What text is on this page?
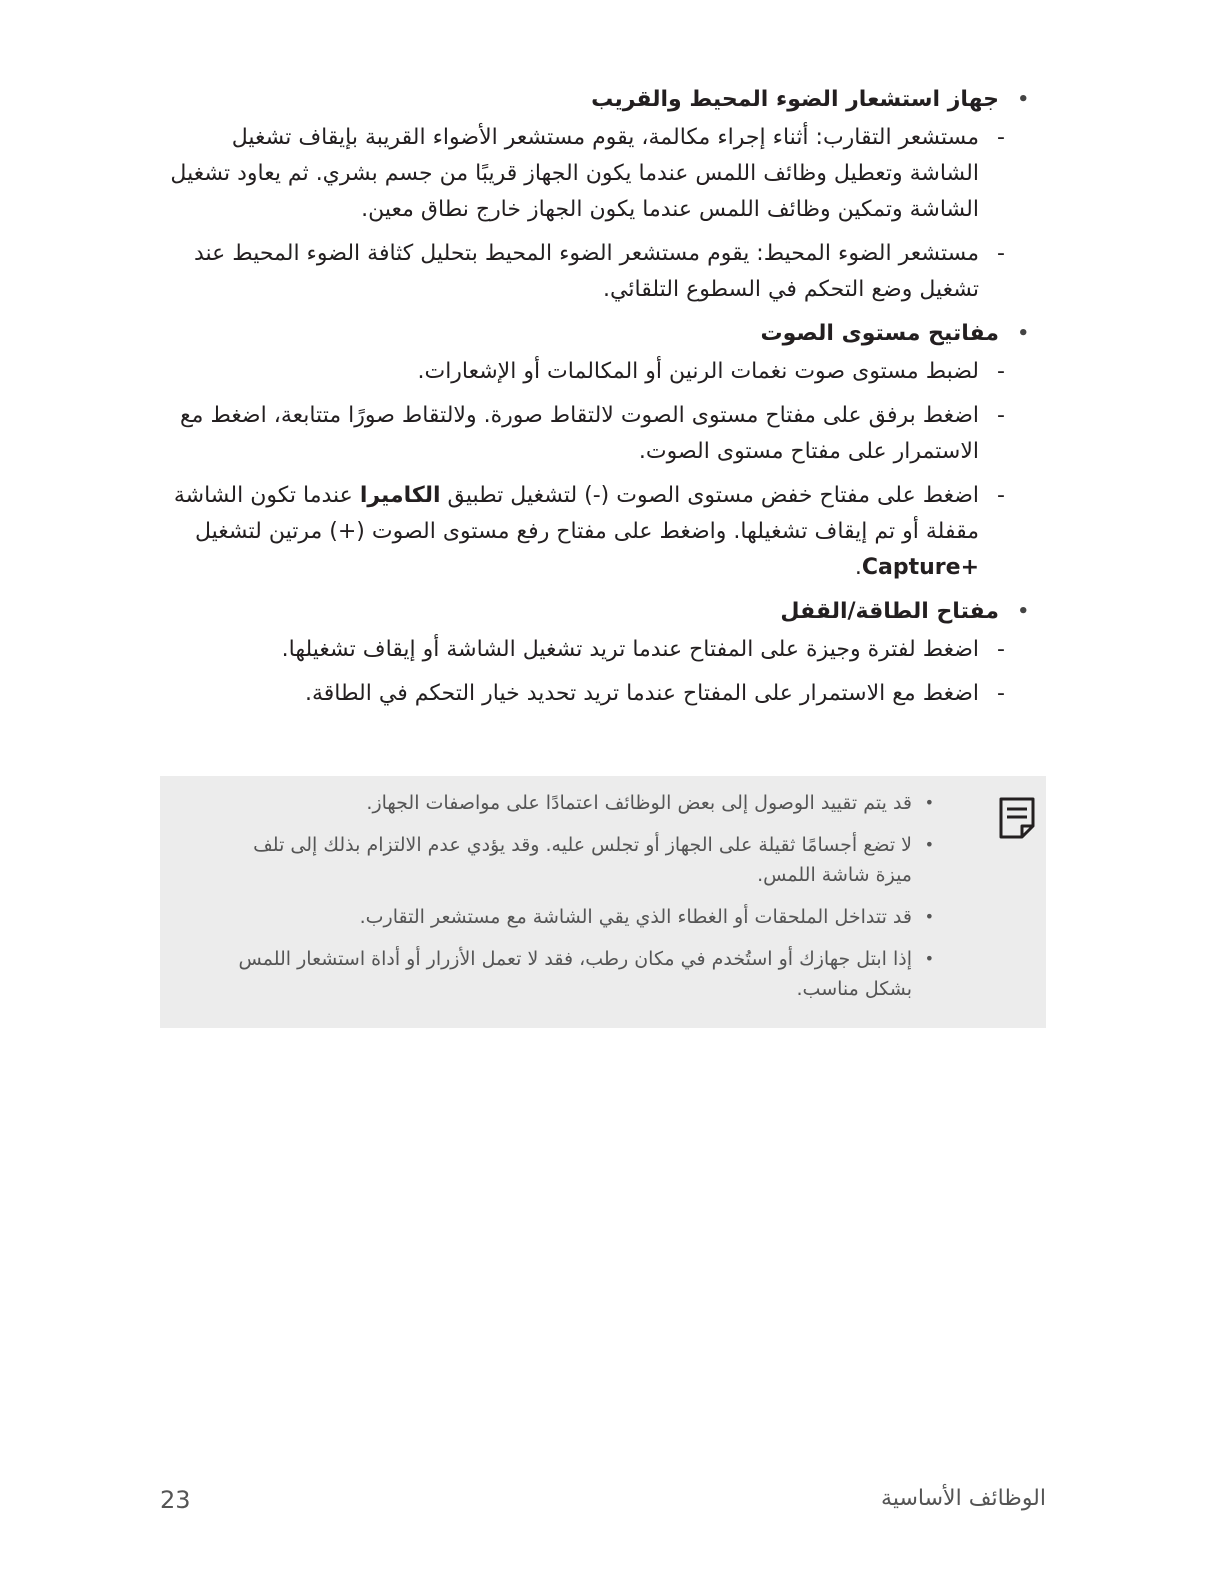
• جهاز استشعار الضوء المحيط والقريب
-
مستشعر التقارب: أثناء إجراء مكالمة، يقوم مستشعر الأضواء القريبة بإيقاف تشغيل الشاشة وتعطيل وظائف اللمس عندما يكون الجهاز قريبًا من جسم بشري. ثم يعاود تشغيل الشاشة وتمكين وظائف اللمس عندما يكون الجهاز خارج نطاق معين.
-
مستشعر الضوء المحيط: يقوم مستشعر الضوء المحيط بتحليل كثافة الضوء المحيط عند تشغيل وضع التحكم في السطوع التلقائي.
• مفاتيح مستوى الصوت
-
لضبط مستوى صوت نغمات الرنين أو المكالمات أو الإشعارات.
-
اضغط برفق على مفتاح مستوى الصوت لالتقاط صورة. ولالتقاط صورًا متتابعة، اضغط مع الاستمرار على مفتاح مستوى الصوت.
-
اضغط على مفتاح خفض مستوى الصوت (-) لتشغيل تطبيق الكاميرا عندما تكون الشاشة مقفلة أو تم إيقاف تشغيلها. واضغط على مفتاح رفع مستوى الصوت (+) مرتين لتشغيل Capture+.
• مفتاح الطاقة/القفل
-
اضغط لفترة وجيزة على المفتاح عندما تريد تشغيل الشاشة أو إيقاف تشغيلها.
-
اضغط مع الاستمرار على المفتاح عندما تريد تحديد خيار التحكم في الطاقة.
•
قد يتم تقييد الوصول إلى بعض الوظائف اعتمادًا على مواصفات الجهاز.
•
لا تضع أجسامًا ثقيلة على الجهاز أو تجلس عليه. وقد يؤدي عدم الالتزام بذلك إلى تلف ميزة شاشة اللمس.
•
قد تتداخل الملحقات أو الغطاء الذي يقي الشاشة مع مستشعر التقارب.
•
إذا ابتل جهازك أو استُخدم في مكان رطب، فقد لا تعمل الأزرار أو أداة استشعار اللمس بشكل مناسب.
الوظائف الأساسية
23
